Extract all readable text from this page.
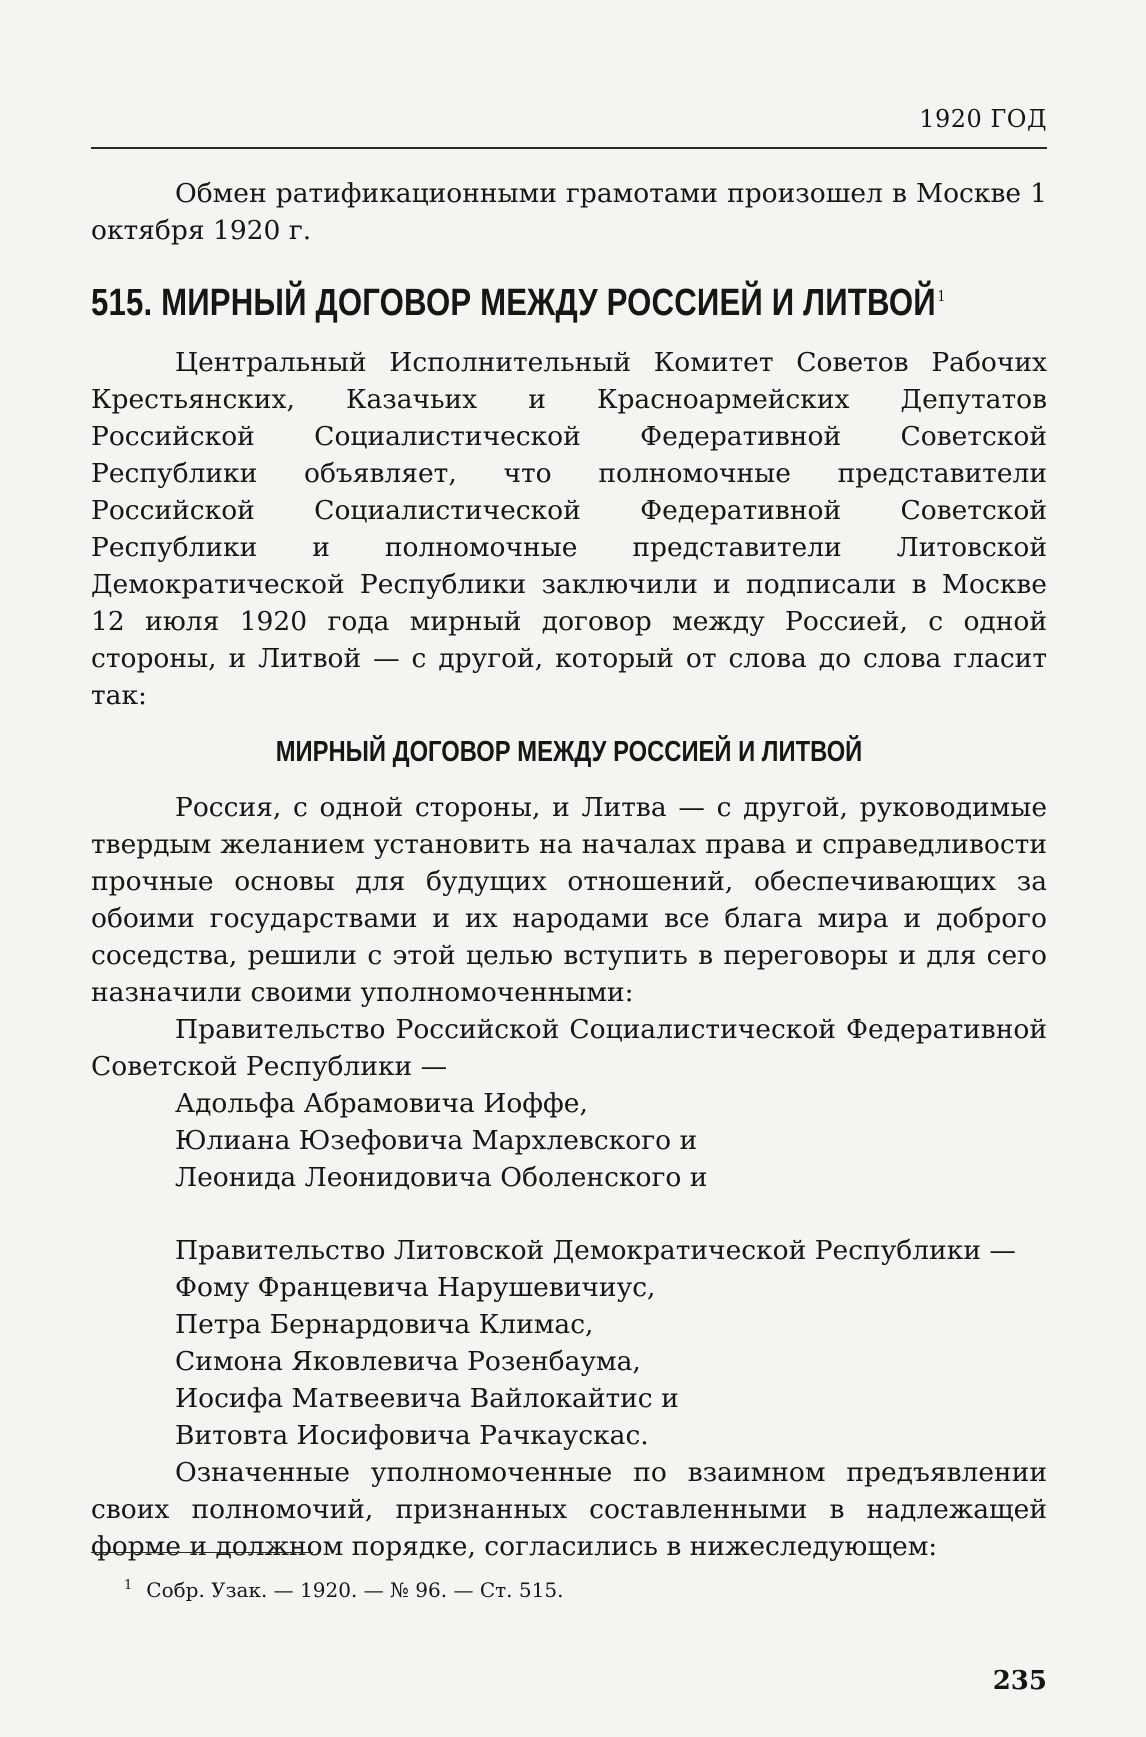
1920 ГОД

Обмен ратификационными грамотами произошел в Москве 1 октября 1920 г.

515. МИРНЫЙ ДОГОВОР МЕЖДУ РОССИЕЙ И ЛИТВОЙ $^1$

Центральный Исполнительный Комитет Советов Рабочих Крестьянских, Казачьих и Красноармейских Депутатов Российской Социалистической Федеративной Советской Республики объявляет, что полномочные представители Российской Социалистической Федеративной Советской Республики и полномочные представители Литовской Демократической Республики заключили и подписали в Москве 12 июля 1920 года мирный договор между Россией, с одной стороны, и Литвой — с другой, который от слова до слова гласит так:

МИРНЫЙ ДОГОВОР МЕЖДУ РОССИЕЙ И ЛИТВОЙ

Россия, с одной стороны, и Литва — с другой, руководимые твердым желанием установить на началах права и справедливости прочные основы для будущих отношений, обеспечивающих за обоими государствами и их народами все блага мира и доброго соседства, решили с этой целью вступить в переговоры и для сего назначили своими уполномоченными:

Правительство Российской Социалистической Федеративной Советской Республики —

Адольфа Абрамовича Иоффе,

Юлиана Юзефовича Мархлевского и

Леонида Леонидовича Оболенского и

Правительство Литовской Демократической Республики —

Фому Францевича Нарушевичиус,

Петра Бернардовича Климас,

Симона Яковлевича Розенбаума,

Иосифа Матвеевича Вайлокайтис и

Витовта Иосифовича Рачкаускас.

Означенные уполномоченные по взаимном предъявлении своих полномочий, признанных составленными в надлежащей форме и должном порядке, согласились в нижеследующем:

$^1$ Собр. Узак. — 1920. — № 96. — Ст. 515.
235
